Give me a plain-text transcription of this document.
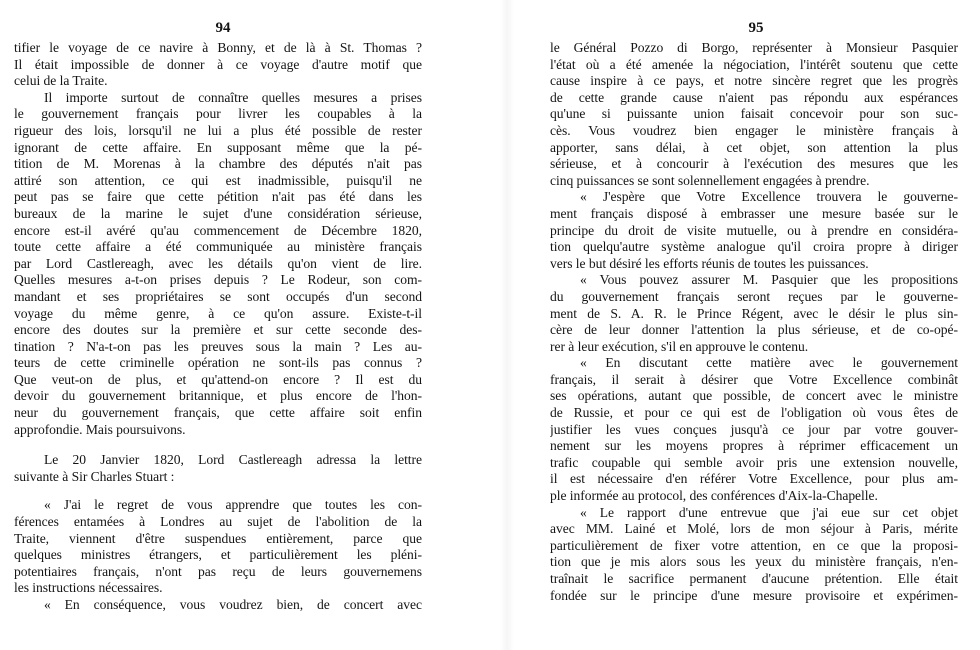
94
tifier le voyage de ce navire à Bonny, et de là à St. Thomas ?
Il était impossible de donner à ce voyage d'autre motif que
celui de la Traite.
Il importe surtout de connaître quelles mesures a prises
le gouvernement français pour livrer les coupables à la
rigueur des lois, lorsqu'il ne lui a plus été possible de rester
ignorant de cette affaire. En supposant même que la pé-
tition de M. Morenas à la chambre des députés n'ait pas
attiré son attention, ce qui est inadmissible, puisqu'il ne
peut pas se faire que cette pétition n'ait pas été dans les
bureaux de la marine le sujet d'une considération sérieuse,
encore est-il avéré qu'au commencement de Décembre 1820,
toute cette affaire a été communiquée au ministère français
par Lord Castlereagh, avec les détails qu'on vient de lire.
Quelles mesures a-t-on prises depuis ? Le Rodeur, son com-
mandant et ses propriétaires se sont occupés d'un second
voyage du même genre, à ce qu'on assure. Existe-t-il
encore des doutes sur la première et sur cette seconde des-
tination ? N'a-t-on pas les preuves sous la main ? Les au-
teurs de cette criminelle opération ne sont-ils pas connus ?
Que veut-on de plus, et qu'attend-on encore ? Il est du
devoir du gouvernement britannique, et plus encore de l'hon-
neur du gouvernement français, que cette affaire soit enfin
approfondie. Mais poursuivons.
Le 20 Janvier 1820, Lord Castlereagh adressa la lettre
suivante à Sir Charles Stuart :
« J'ai le regret de vous apprendre que toutes les con-
férences entamées à Londres au sujet de l'abolition de la
Traite, viennent d'être suspendues entièrement, parce que
quelques ministres étrangers, et particulièrement les pléni-
potentiaires français, n'ont pas reçu de leurs gouvernemens
les instructions nécessaires.
« En conséquence, vous voudrez bien, de concert avec
95
le Général Pozzo di Borgo, représenter à Monsieur Pasquier
l'état où a été amenée la négociation, l'intérêt soutenu que cette
cause inspire à ce pays, et notre sincère regret que les progrès
de cette grande cause n'aient pas répondu aux espérances
qu'une si puissante union faisait concevoir pour son suc-
cès. Vous voudrez bien engager le ministère français à
apporter, sans délai, à cet objet, son attention la plus
sérieuse, et à concourir à l'exécution des mesures que les
cinq puissances se sont solennellement engagées à prendre.
« J'espère que Votre Excellence trouvera le gouverne-
ment français disposé à embrasser une mesure basée sur le
principe du droit de visite mutuelle, ou à prendre en considéra-
tion quelqu'autre système analogue qu'il croira propre à diriger
vers le but désiré les efforts réunis de toutes les puissances.
« Vous pouvez assurer M. Pasquier que les propositions
du gouvernement français seront reçues par le gouverne-
ment de S. A. R. le Prince Régent, avec le désir le plus sin-
cère de leur donner l'attention la plus sérieuse, et de co-opé-
rer à leur exécution, s'il en approuve le contenu.
« En discutant cette matière avec le gouvernement
français, il serait à désirer que Votre Excellence combinât
ses opérations, autant que possible, de concert avec le ministre
de Russie, et pour ce qui est de l'obligation où vous êtes de
justifier les vues conçues jusqu'à ce jour par votre gouver-
nement sur les moyens propres à réprimer efficacement un
trafic coupable qui semble avoir pris une extension nouvelle,
il est nécessaire d'en référer Votre Excellence, pour plus am-
ple informée au protocol, des conférences d'Aix-la-Chapelle.
« Le rapport d'une entrevue que j'ai eue sur cet objet
avec MM. Lainé et Molé, lors de mon séjour à Paris, mérite
particulièrement de fixer votre attention, en ce que la proposi-
tion que je mis alors sous les yeux du ministère français, n'en-
traînait le sacrifice permanent d'aucune prétention. Elle était
fondée sur le principe d'une mesure provisoire et expérimen-
